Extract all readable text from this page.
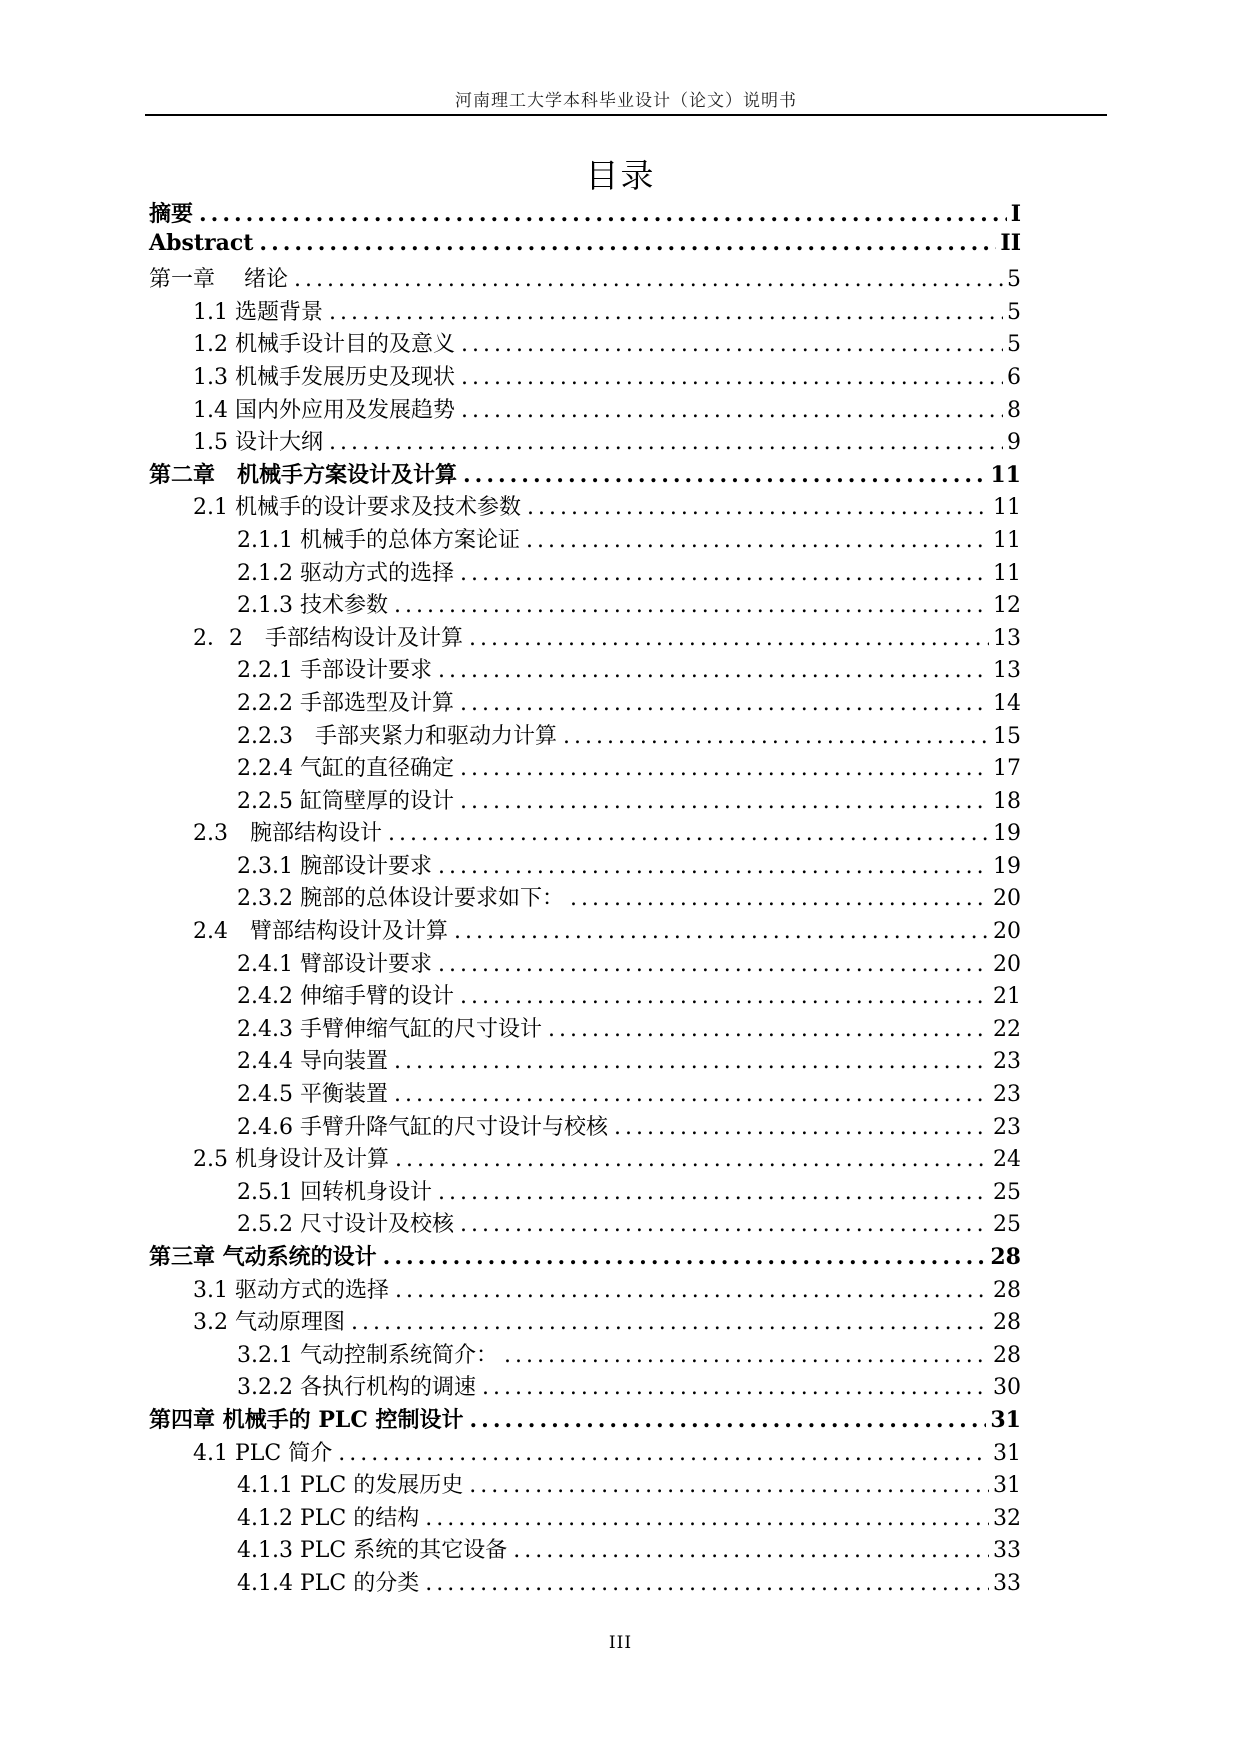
河南理工大学本科毕业设计（论文）说明书
目录
摘要 .....	I
Abstract .....	II
第一章　 绪论 .....	5
1.1 选题背景 .....	5
1.2 机械手设计目的及意义 .....	5
1.3 机械手发展历史及现状 .....	6
1.4 国内外应用及发展趋势 .....	8
1.5 设计大纲 .....	9
第二章　机械手方案设计及计算 .....	11
2.1 机械手的设计要求及技术参数 .....	11
2.1.1 机械手的总体方案论证 .....	11
2.1.2 驱动方式的选择 .....	11
2.1.3 技术参数 .....	12
2．2　手部结构设计及计算 .....	13
2.2.1 手部设计要求 .....	13
2.2.2 手部选型及计算 .....	14
2.2.3　手部夹紧力和驱动力计算 .....	15
2.2.4 气缸的直径确定 .....	17
2.2.5 缸筒壁厚的设计 .....	18
2.3　腕部结构设计 .....	19
2.3.1 腕部设计要求 .....	19
2.3.2 腕部的总体设计要求如下： .....	20
2.4　臂部结构设计及计算 .....	20
2.4.1 臂部设计要求 .....	20
2.4.2 伸缩手臂的设计 .....	21
2.4.3 手臂伸缩气缸的尺寸设计 .....	22
2.4.4 导向装置 .....	23
2.4.5 平衡装置 .....	23
2.4.6 手臂升降气缸的尺寸设计与校核 .....	23
2.5 机身设计及计算 .....	24
2.5.1 回转机身设计 .....	25
2.5.2 尺寸设计及校核 .....	25
第三章 气动系统的设计 .....	28
3.1 驱动方式的选择 .....	28
3.2 气动原理图 .....	28
3.2.1 气动控制系统简介： .....	28
3.2.2 各执行机构的调速 .....	30
第四章 机械手的 PLC 控制设计 .....	31
4.1 PLC 简介 .....	31
4.1.1 PLC 的发展历史 .....	31
4.1.2 PLC 的结构 .....	32
4.1.3 PLC 系统的其它设备 .....	33
4.1.4 PLC 的分类 .....	33
III
